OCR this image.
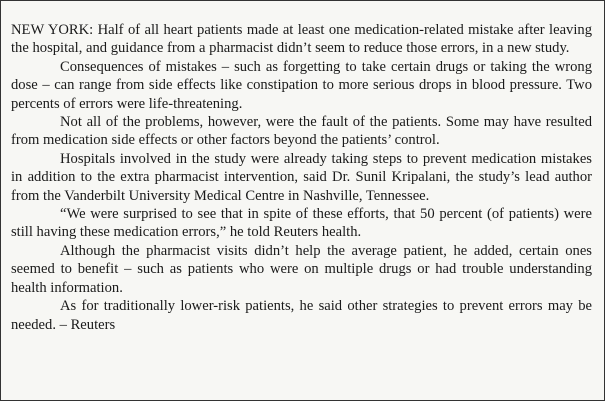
NEW YORK: Half of all heart patients made at least one medication-related mistake after leaving the hospital, and guidance from a pharmacist didn’t seem to reduce those errors, in a new study.

Consequences of mistakes – such as forgetting to take certain drugs or taking the wrong dose – can range from side effects like constipation to more serious drops in blood pressure. Two percents of errors were life-threatening.

Not all of the problems, however, were the fault of the patients. Some may have resulted from medication side effects or other factors beyond the patients’ control.

Hospitals involved in the study were already taking steps to prevent medication mistakes in addition to the extra pharmacist intervention, said Dr. Sunil Kripalani, the study’s lead author from the Vanderbilt University Medical Centre in Nashville, Tennessee.

“We were surprised to see that in spite of these efforts, that 50 percent (of patients) were still having these medication errors,” he told Reuters health.

Although the pharmacist visits didn’t help the average patient, he added, certain ones seemed to benefit – such as patients who were on multiple drugs or had trouble understanding health information.

As for traditionally lower-risk patients, he said other strategies to prevent errors may be needed. – Reuters
